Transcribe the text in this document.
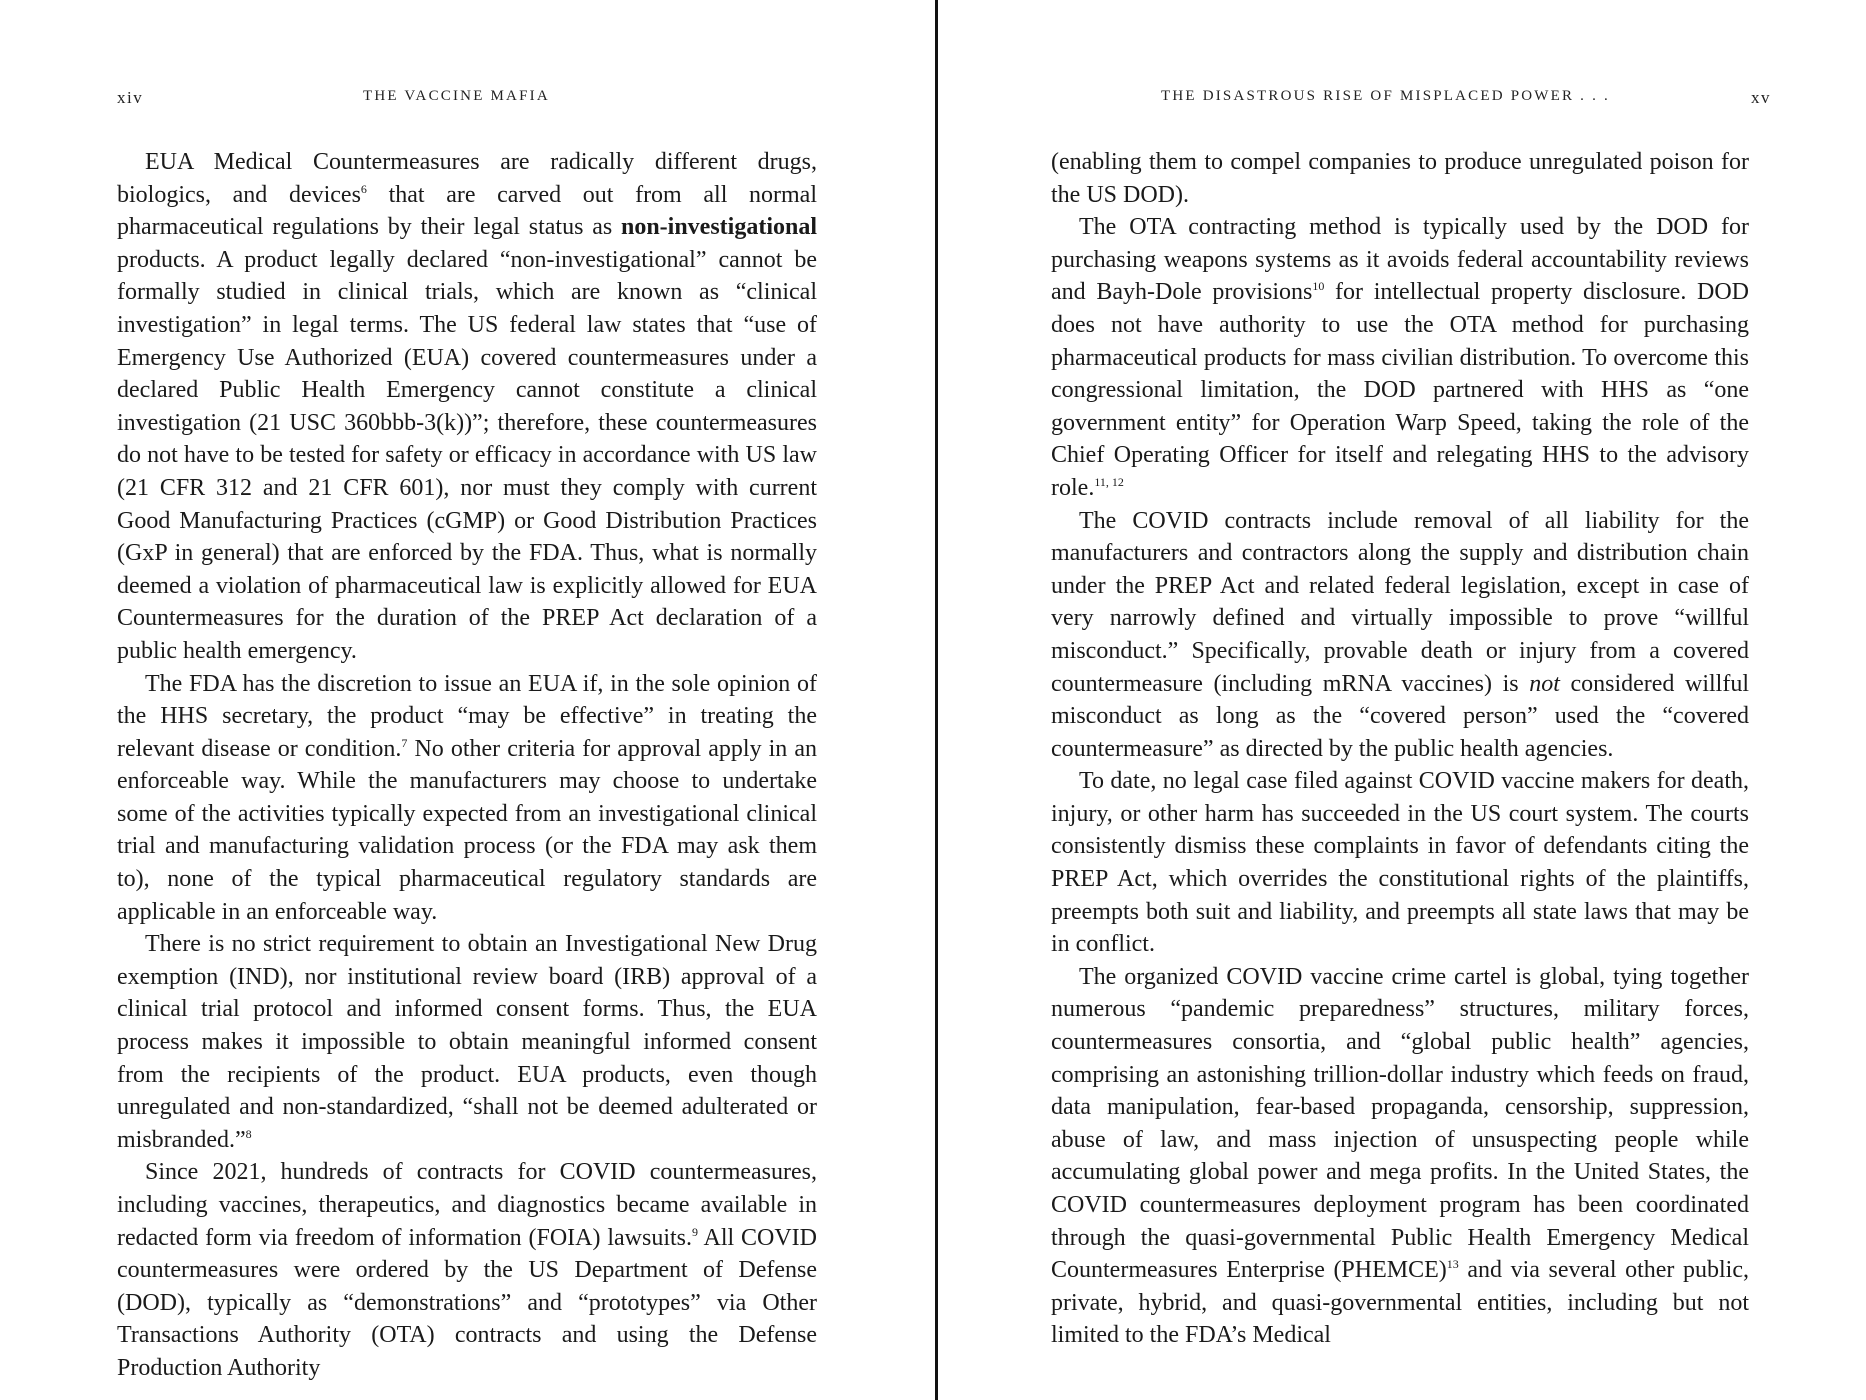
xiv	THE VACCINE MAFIA

EUA Medical Countermeasures are radically different drugs, biologics, and devices$^6$ that are carved out from all normal pharmaceutical regulations by their legal status as non-investigational products. A product legally declared “non-investigational” cannot be formally studied in clinical trials, which are known as “clinical investigation” in legal terms. The US federal law states that “use of Emergency Use Authorized (EUA) covered countermeasures under a declared Public Health Emergency cannot constitute a clinical investigation (21 USC 360bbb-3(k))”; therefore, these countermeasures do not have to be tested for safety or efficacy in accordance with US law (21 CFR 312 and 21 CFR 601), nor must they comply with current Good Manufacturing Practices (cGMP) or Good Distribution Practices (GxP in general) that are enforced by the FDA. Thus, what is normally deemed a violation of pharmaceutical law is explicitly allowed for EUA Countermeasures for the duration of the PREP Act declaration of a public health emergency.

The FDA has the discretion to issue an EUA if, in the sole opinion of the HHS secretary, the product “may be effective” in treating the relevant disease or condition.$^7$ No other criteria for approval apply in an enforceable way. While the manufacturers may choose to undertake some of the activities typically expected from an investigational clinical trial and manufacturing validation process (or the FDA may ask them to), none of the typical pharmaceutical regulatory standards are applicable in an enforceable way.

There is no strict requirement to obtain an Investigational New Drug exemption (IND), nor institutional review board (IRB) approval of a clinical trial protocol and informed consent forms. Thus, the EUA process makes it impossible to obtain meaningful informed consent from the recipients of the product. EUA products, even though unregulated and non-standardized, “shall not be deemed adulterated or misbranded.”$^8$

Since 2021, hundreds of contracts for COVID countermeasures, including vaccines, therapeutics, and diagnostics became available in redacted form via freedom of information (FOIA) lawsuits.$^9$ All COVID countermeasures were ordered by the US Department of Defense (DOD), typically as “demonstrations” and “prototypes” via Other Transactions Authority (OTA) contracts and using the Defense Production Authority

THE DISASTROUS RISE OF MISPLACED POWER . . .	xv

(enabling them to compel companies to produce unregulated poison for the US DOD).

The OTA contracting method is typically used by the DOD for purchasing weapons systems as it avoids federal accountability reviews and Bayh-Dole provisions$^{10}$ for intellectual property disclosure. DOD does not have authority to use the OTA method for purchasing pharmaceutical products for mass civilian distribution. To overcome this congressional limitation, the DOD partnered with HHS as “one government entity” for Operation Warp Speed, taking the role of the Chief Operating Officer for itself and relegating HHS to the advisory role.$^{11, 12}$

The COVID contracts include removal of all liability for the manufacturers and contractors along the supply and distribution chain under the PREP Act and related federal legislation, except in case of very narrowly defined and virtually impossible to prove “willful misconduct.” Specifically, provable death or injury from a covered countermeasure (including mRNA vaccines) is not considered willful misconduct as long as the “covered person” used the “covered countermeasure” as directed by the public health agencies.

To date, no legal case filed against COVID vaccine makers for death, injury, or other harm has succeeded in the US court system. The courts consistently dismiss these complaints in favor of defendants citing the PREP Act, which overrides the constitutional rights of the plaintiffs, preempts both suit and liability, and preempts all state laws that may be in conflict.

The organized COVID vaccine crime cartel is global, tying together numerous “pandemic preparedness” structures, military forces, countermeasures consortia, and “global public health” agencies, comprising an astonishing trillion-dollar industry which feeds on fraud, data manipulation, fear-based propaganda, censorship, suppression, abuse of law, and mass injection of unsuspecting people while accumulating global power and mega profits. In the United States, the COVID countermeasures deployment program has been coordinated through the quasi-governmental Public Health Emergency Medical Countermeasures Enterprise (PHEMCE)$^{13}$ and via several other public, private, hybrid, and quasi-governmental entities, including but not limited to the FDA’s Medical
